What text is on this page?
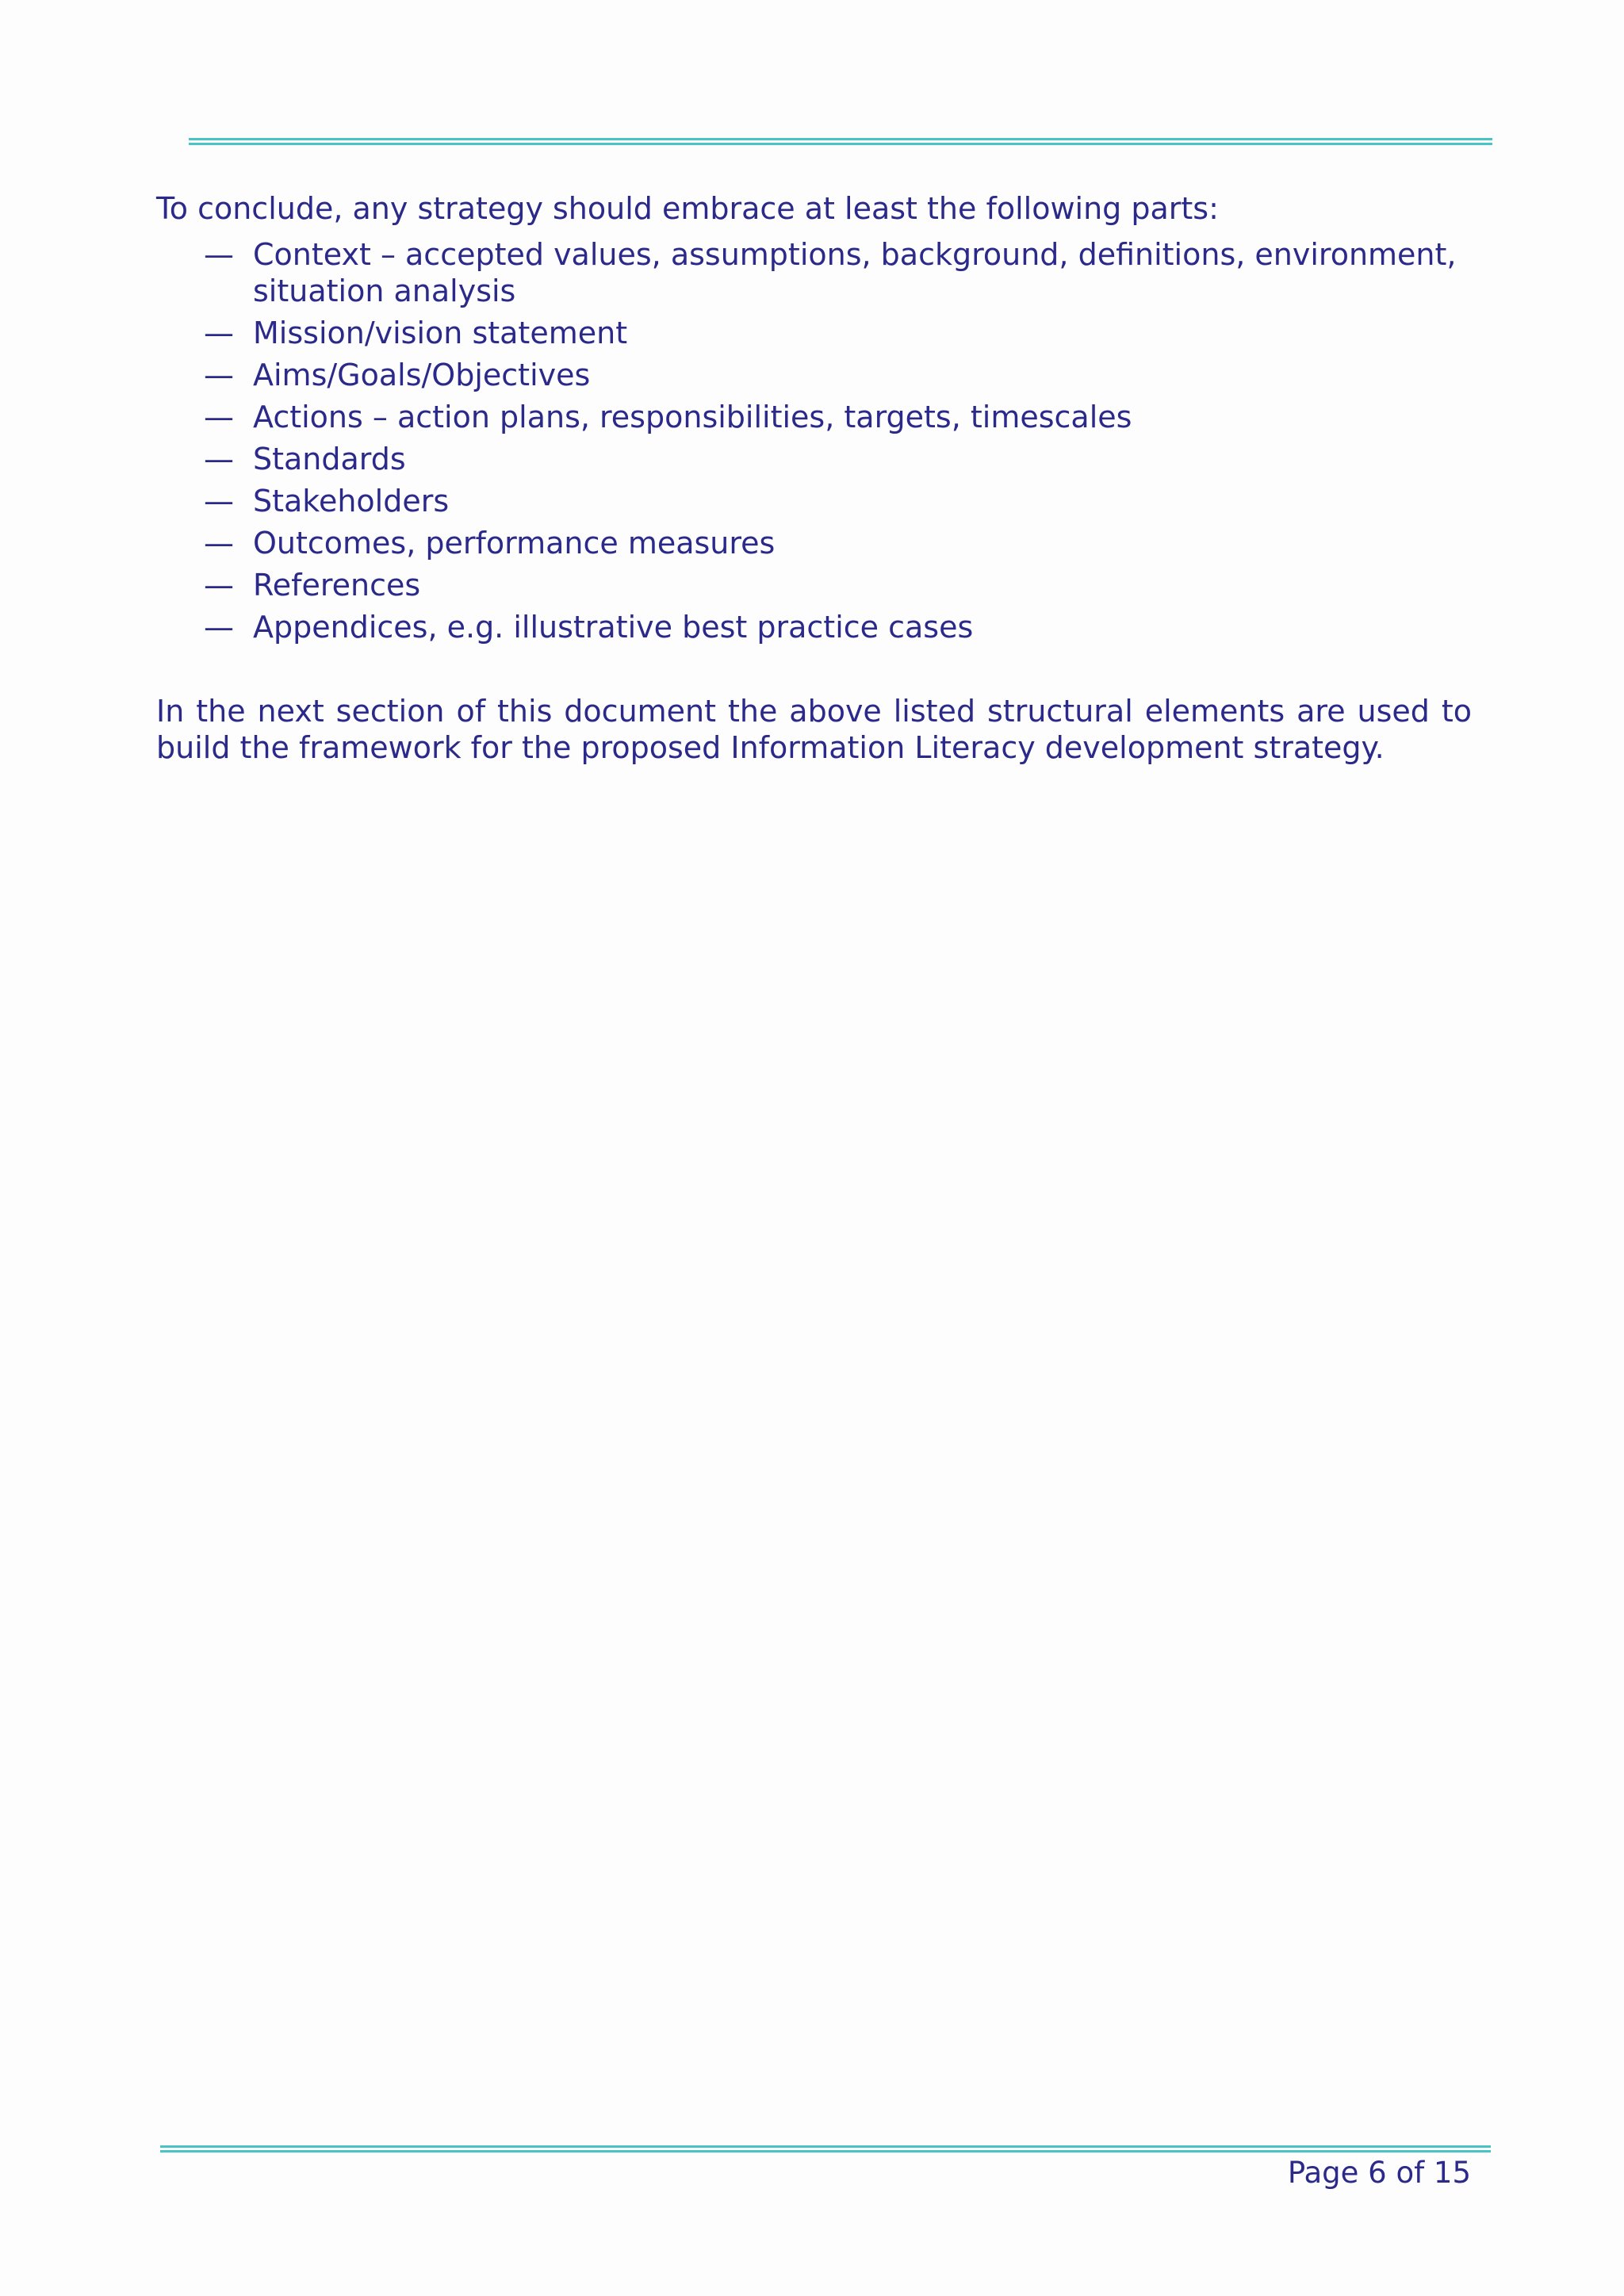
To conclude, any strategy should embrace at least the following parts:

— Context – accepted values, assumptions, background, definitions, environment, situation analysis
— Mission/vision statement
— Aims/Goals/Objectives
— Actions – action plans, responsibilities, targets, timescales
— Standards
— Stakeholders
— Outcomes, performance measures
— References
— Appendices, e.g. illustrative best practice cases

In the next section of this document the above listed structural elements are used to build the framework for the proposed Information Literacy development strategy.

Page 6 of 15
